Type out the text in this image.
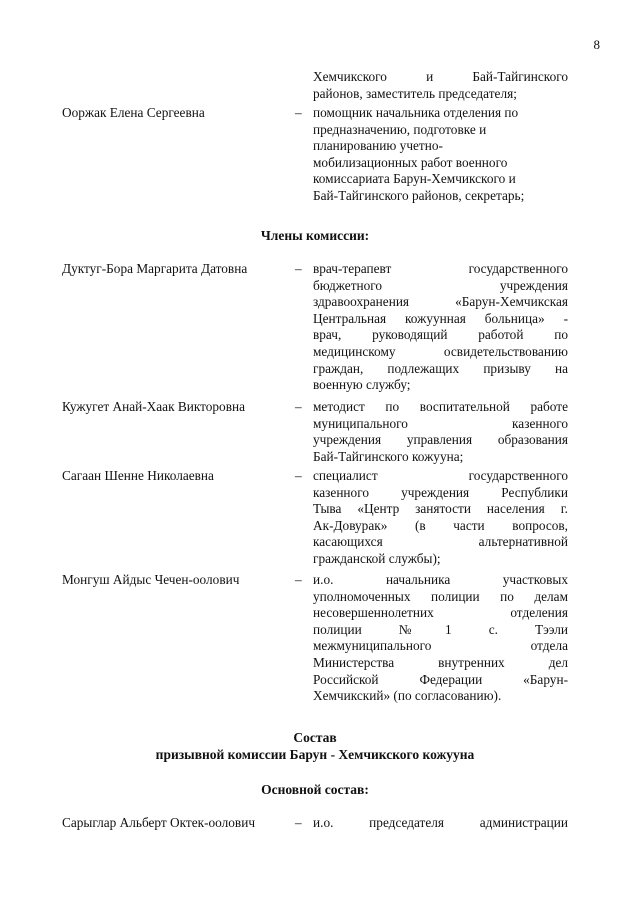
8
Хемчикского и Бай-Тайгинского
районов, заместитель председателя;
Ооржак Елена Сергеевна	– помощник начальника отделения по
предназначению, подготовке и
планированию учетно-
мобилизационных работ военного
комиссариата Барун-Хемчикского и
Бай-Тайгинского районов, секретарь;
Члены комиссии:
Дуктуг-Бора Маргарита Датовна	– врач-терапевт государственного
бюджетного учреждения
здравоохранения «Барун-Хемчикская
Центральная кожуунная больница» -
врач, руководящий работой по
медицинскому освидетельствованию
граждан, подлежащих призыву на
военную службу;
Кужугет Анай-Хаак Викторовна	– методист по воспитательной работе
муниципального казенного
учреждения управления образования
Бай-Тайгинского кожууна;
Сагаан Шенне Николаевна	– специалист государственного
казенного учреждения Республики
Тыва «Центр занятости населения г.
Ак-Довурак» (в части вопросов,
касающихся альтернативной
гражданской службы);
Монгуш Айдыс Чечен-оолович	– и.о. начальника участковых
уполномоченных полиции по делам
несовершеннолетних отделения
полиции №1 с. Тээли
межмуниципального отдела
Министерства внутренних дел
Российской Федерации «Барун-
Хемчикский» (по согласованию).
Состав
призывной комиссии Барун - Хемчикского кожууна
Основной состав:
Сарыглар Альберт Октек-оолович	– и.о. председателя администрации
